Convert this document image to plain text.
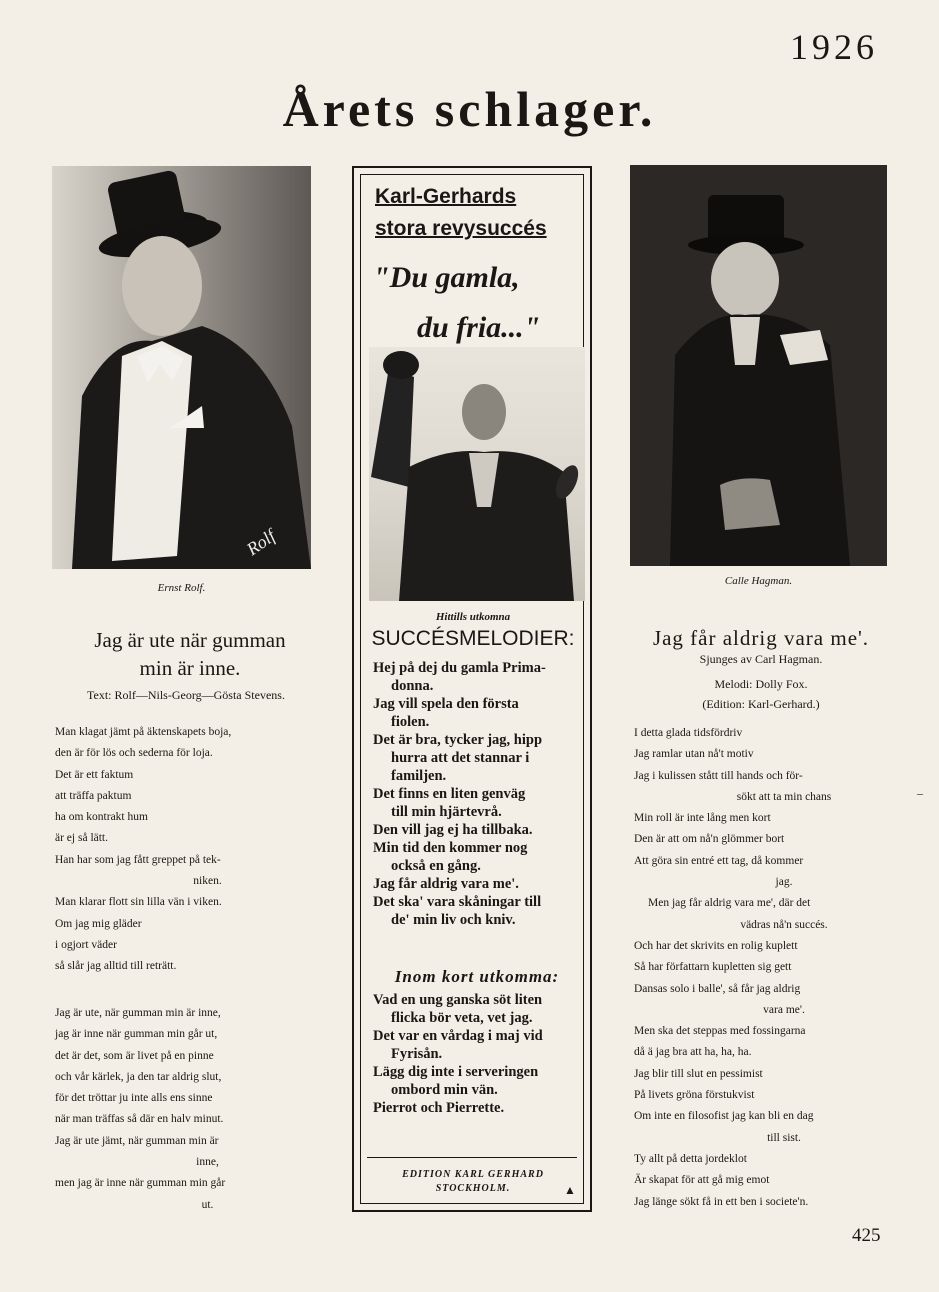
1926
Årets schlager.
Rolf
Ernst Rolf.
Karl-Gerhards
stora revysuccés
"Du gamla,
du fria..."
Hittills utkomna
SUCCÉSMELODIER:
Hej på dej du gamla Prima-
donna.
Jag vill spela den första
fiolen.
Det är bra, tycker jag, hipp
hurra att det stannar i
familjen.
Det finns en liten genväg
till min hjärtevrå.
Den vill jag ej ha tillbaka.
Min tid den kommer nog
också en gång.
Jag får aldrig vara me'.
Det ska' vara skåningar till
de' min liv och kniv.
Inom kort utkomma:
Vad en ung ganska söt liten
flicka bör veta, vet jag.
Det var en vårdag i maj vid
Fyrisån.
Lägg dig inte i serveringen
ombord min vän.
Pierrot och Pierrette.
EDITION KARL GERHARD
STOCKHOLM.	▲
Calle Hagman.
Jag är ute när gumman
min är inne.
Text: Rolf—Nils-Georg—Gösta Stevens.
Man klagat jämt på äktenskapets boja,
den är för lös och sederna för loja.
Det är ett faktum
att träffa paktum
ha om kontrakt hum
är ej så lätt.
Han har som jag fått greppet på tek-
niken.
Man klarar flott sin lilla vän i viken.
Om jag mig gläder
i ogjort väder
så slår jag alltid till reträtt.
Jag är ute, när gumman min är inne,
jag är inne när gumman min går ut,
det är det, som är livet på en pinne
och vår kärlek, ja den tar aldrig slut,
för det tröttar ju inte alls ens sinne
när man träffas så där en halv minut.
Jag är ute jämt, när gumman min är
inne,
men jag är inne när gumman min går
ut.
Jag får aldrig vara me'.
Sjunges av Carl Hagman.
Melodi: Dolly Fox.
(Edition: Karl-Gerhard.)
I detta glada tidsfördriv
Jag ramlar utan nå't motiv
Jag i kulissen stått till hands och för-
sökt att ta min chans
Min roll är inte lång men kort
Den är att om nå'n glömmer bort
Att göra sin entré ett tag, då kommer
jag.
Men jag får aldrig vara me', där det
vädras nå'n succés.
Och har det skrivits en rolig kuplett
Så har författarn kupletten sig gett
Dansas solo i balle', så får jag aldrig
vara me'.
Men ska det steppas med fossingarna
då ä jag bra att ha, ha, ha.
Jag blir till slut en pessimist
På livets gröna förstukvist
Om inte en filosofist jag kan bli en dag
till sist.
Ty allt på detta jordeklot
Är skapat för att gå mig emot
Jag länge sökt få in ett ben i societe'n.
–
425
